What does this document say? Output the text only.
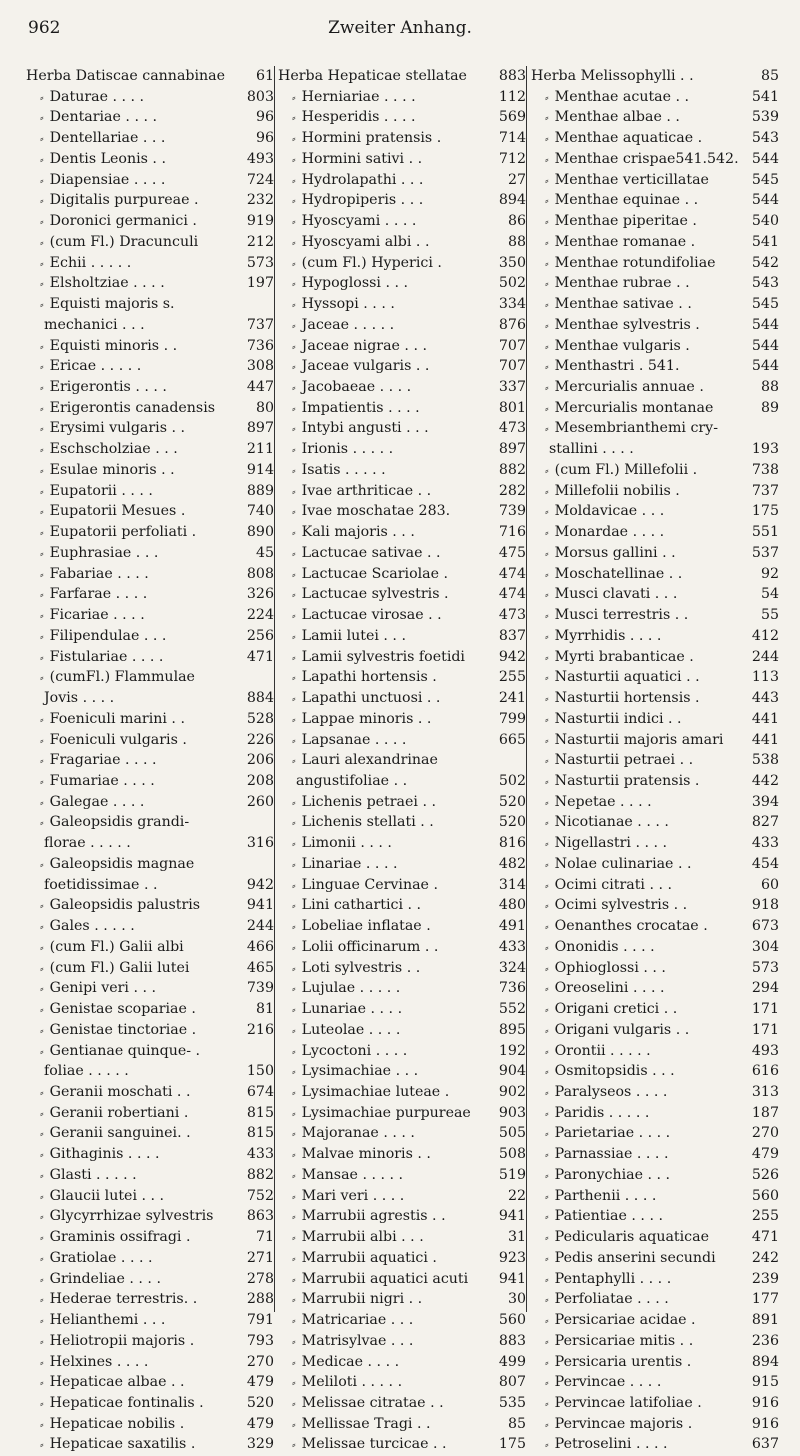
Zweiter Anhang.
962
Herba Datiscae cannabinae 61
⸗ Daturae . . . .	803
⸗ Dentariae . . . .	96
⸗ Dentellariae . . .	96
⸗ Dentis Leonis . .	493
⸗ Diapensiae . . . .	724
⸗ Digitalis purpureae .	232
⸗ Doronici germanici .	919
⸗ (cum Fl.) Dracunculi	212
⸗ Echii . . . . .	573
⸗ Elsholtziae . . . .	197
⸗ Equisti majoris s.
mechanici . . .	737
⸗ Equisti minoris . .	736
⸗ Ericae . . . . .	308
⸗ Erigerontis . . . .	447
⸗ Erigerontis canadensis	80
⸗ Erysimi vulgaris . .	897
⸗ Eschscholziae . . .	211
⸗ Esulae minoris . .	914
⸗ Eupatorii . . . .	889
⸗ Eupatorii Mesues .	740
⸗ Eupatorii perfoliati .	890
⸗ Euphrasiae . . .	45
⸗ Fabariae . . . .	808
⸗ Farfarae . . . .	326
⸗ Ficariae . . . .	224
⸗ Filipendulae . . .	256
⸗ Fistulariae . . . .	471
⸗ (cumFl.) Flammulae
Jovis . . . .	884
⸗ Foeniculi marini . .	528
⸗ Foeniculi vulgaris .	226
⸗ Fragariae . . . .	206
⸗ Fumariae . . . .	208
⸗ Galegae . . . .	260
⸗ Galeopsidis grandi-
florae . . . . .	316
⸗ Galeopsidis magnae
foetidissimae . .	942
⸗ Galeopsidis palustris	941
⸗ Gales . . . . .	244
⸗ (cum Fl.) Galii albi	466
⸗ (cum Fl.) Galii lutei	465
⸗ Genipi veri . . .	739
⸗ Genistae scopariae .	81
⸗ Genistae tinctoriae .	216
⸗ Gentianae quinque- .
foliae . . . . .	150
⸗ Geranii moschati . .	674
⸗ Geranii robertiani .	815
⸗ Geranii sanguinei. .	815
⸗ Githaginis . . . .	433
⸗ Glasti . . . . .	882
⸗ Glaucii lutei . . .	752
⸗ Glycyrrhizae sylvestris 863
⸗ Graminis ossifragi .	71
⸗ Gratiolae . . . .	271
⸗ Grindeliae . . . .	278
⸗ Hederae terrestris. .	288
⸗ Helianthemi . . .	791
⸗ Heliotropii majoris .	793
⸗ Helxines . . . .	270
⸗ Hepaticae albae . .	479
⸗ Hepaticae fontinalis .	520
⸗ Hepaticae nobilis .	479
⸗ Hepaticae saxatilis .	329
Herba Hepaticae stellatae 883
⸗ Herniariae . . . .	112
⸗ Hesperidis . . . .	569
⸗ Hormini pratensis .	714
⸗ Hormini sativi . .	712
⸗ Hydrolapathi . . .	27
⸗ Hydropiperis . . .	894
⸗ Hyoscyami . . . .	86
⸗ Hyoscyami albi . .	88
⸗ (cum Fl.) Hyperici .	350
⸗ Hypoglossi . . .	502
⸗ Hyssopi . . . .	334
⸗ Jaceae . . . . .	876
⸗ Jaceae nigrae . . .	707
⸗ Jaceae vulgaris . .	707
⸗ Jacobaeae . . . .	337
⸗ Impatientis . . . .	801
⸗ Intybi angusti . . .	473
⸗ Irionis . . . . .	897
⸗ Isatis . . . . .	882
⸗ Ivae arthriticae . .	282
⸗ Ivae moschatae 283.	739
⸗ Kali majoris . . .	716
⸗ Lactucae sativae . .	475
⸗ Lactucae Scariolae .	474
⸗ Lactucae sylvestris .	474
⸗ Lactucae virosae . .	473
⸗ Lamii lutei . . .	837
⸗ Lamii sylvestris foetidi 942
⸗ Lapathi hortensis .	255
⸗ Lapathi unctuosi . .	241
⸗ Lappae minoris . .	799
⸗ Lapsanae . . . .	665
⸗ Lauri alexandrinae
angustifoliae . .	502
⸗ Lichenis petraei . .	520
⸗ Lichenis stellati . .	520
⸗ Limonii . . . .	816
⸗ Linariae . . . .	482
⸗ Linguae Cervinae .	314
⸗ Lini cathartici . .	480
⸗ Lobeliae inflatae .	491
⸗ Lolii officinarum . .	433
⸗ Loti sylvestris . .	324
⸗ Lujulae . . . . .	736
⸗ Lunariae . . . .	552
⸗ Luteolae . . . .	895
⸗ Lycoctoni . . . .	192
⸗ Lysimachiae . . .	904
⸗ Lysimachiae luteae .	902
⸗ Lysimachiae purpureae 903
⸗ Majoranae . . . .	505
⸗ Malvae minoris . .	508
⸗ Mansae . . . . .	519
⸗ Mari veri . . . .	22
⸗ Marrubii agrestis . .	941
⸗ Marrubii albi . . .	31
⸗ Marrubii aquatici .	923
⸗ Marrubii aquatici acuti 941
⸗ Marrubii nigri . .	30
⸗ Matricariae . . .	560
⸗ Matrisylvae . . .	883
⸗ Medicae . . . .	499
⸗ Meliloti . . . . .	807
⸗ Melissae citratae . .	535
⸗ Mellissae Tragi . .	85
⸗ Melissae turcicae . .	175
Herba Melissophylli . .	85
⸗ Menthae acutae . .	541
⸗ Menthae albae . .	539
⸗ Menthae aquaticae .	543
⸗ Menthae crispae541.542. 544
⸗ Menthae verticillatae	545
⸗ Menthae equinae . .	544
⸗ Menthae piperitae .	540
⸗ Menthae romanae .	541
⸗ Menthae rotundifoliae	542
⸗ Menthae rubrae . .	543
⸗ Menthae sativae . .	545
⸗ Menthae sylvestris .	544
⸗ Menthae vulgaris .	544
⸗ Menthastri . 541.	544
⸗ Mercurialis annuae .	88
⸗ Mercurialis montanae	89
⸗ Mesembrianthemi cry-
stallini . . . .	193
⸗ (cum Fl.) Millefolii .	738
⸗ Millefolii nobilis .	737
⸗ Moldavicae . . .	175
⸗ Monardae . . . .	551
⸗ Morsus gallini . .	537
⸗ Moschatellinae . .	92
⸗ Musci clavati . . .	54
⸗ Musci terrestris . .	55
⸗ Myrrhidis . . . .	412
⸗ Myrti brabanticae .	244
⸗ Nasturtii aquatici . .	113
⸗ Nasturtii hortensis .	443
⸗ Nasturtii indici . .	441
⸗ Nasturtii majoris amari 441
⸗ Nasturtii petraei . .	538
⸗ Nasturtii pratensis .	442
⸗ Nepetae . . . .	394
⸗ Nicotianae . . . .	827
⸗ Nigellastri . . . .	433
⸗ Nolae culinariae . .	454
⸗ Ocimi citrati . . .	60
⸗ Ocimi sylvestris . .	918
⸗ Oenanthes crocatae .	673
⸗ Ononidis . . . .	304
⸗ Ophioglossi . . .	573
⸗ Oreoselini . . . .	294
⸗ Origani cretici . .	171
⸗ Origani vulgaris . .	171
⸗ Orontii . . . . .	493
⸗ Osmitopsidis . . .	616
⸗ Paralyseos . . . .	313
⸗ Paridis . . . . .	187
⸗ Parietariae . . . .	270
⸗ Parnassiae . . . .	479
⸗ Paronychiae . . .	526
⸗ Parthenii . . . .	560
⸗ Patientiae . . . .	255
⸗ Pedicularis aquaticae	471
⸗ Pedis anserini secundi	242
⸗ Pentaphylli . . . .	239
⸗ Perfoliatae . . . .	177
⸗ Persicariae acidae .	891
⸗ Persicariae mitis . .	236
⸗ Persicaria urentis .	894
⸗ Pervincae . . . .	915
⸗ Pervincae latifoliae .	916
⸗ Pervincae majoris .	916
⸗ Petroselini . . . .	637
